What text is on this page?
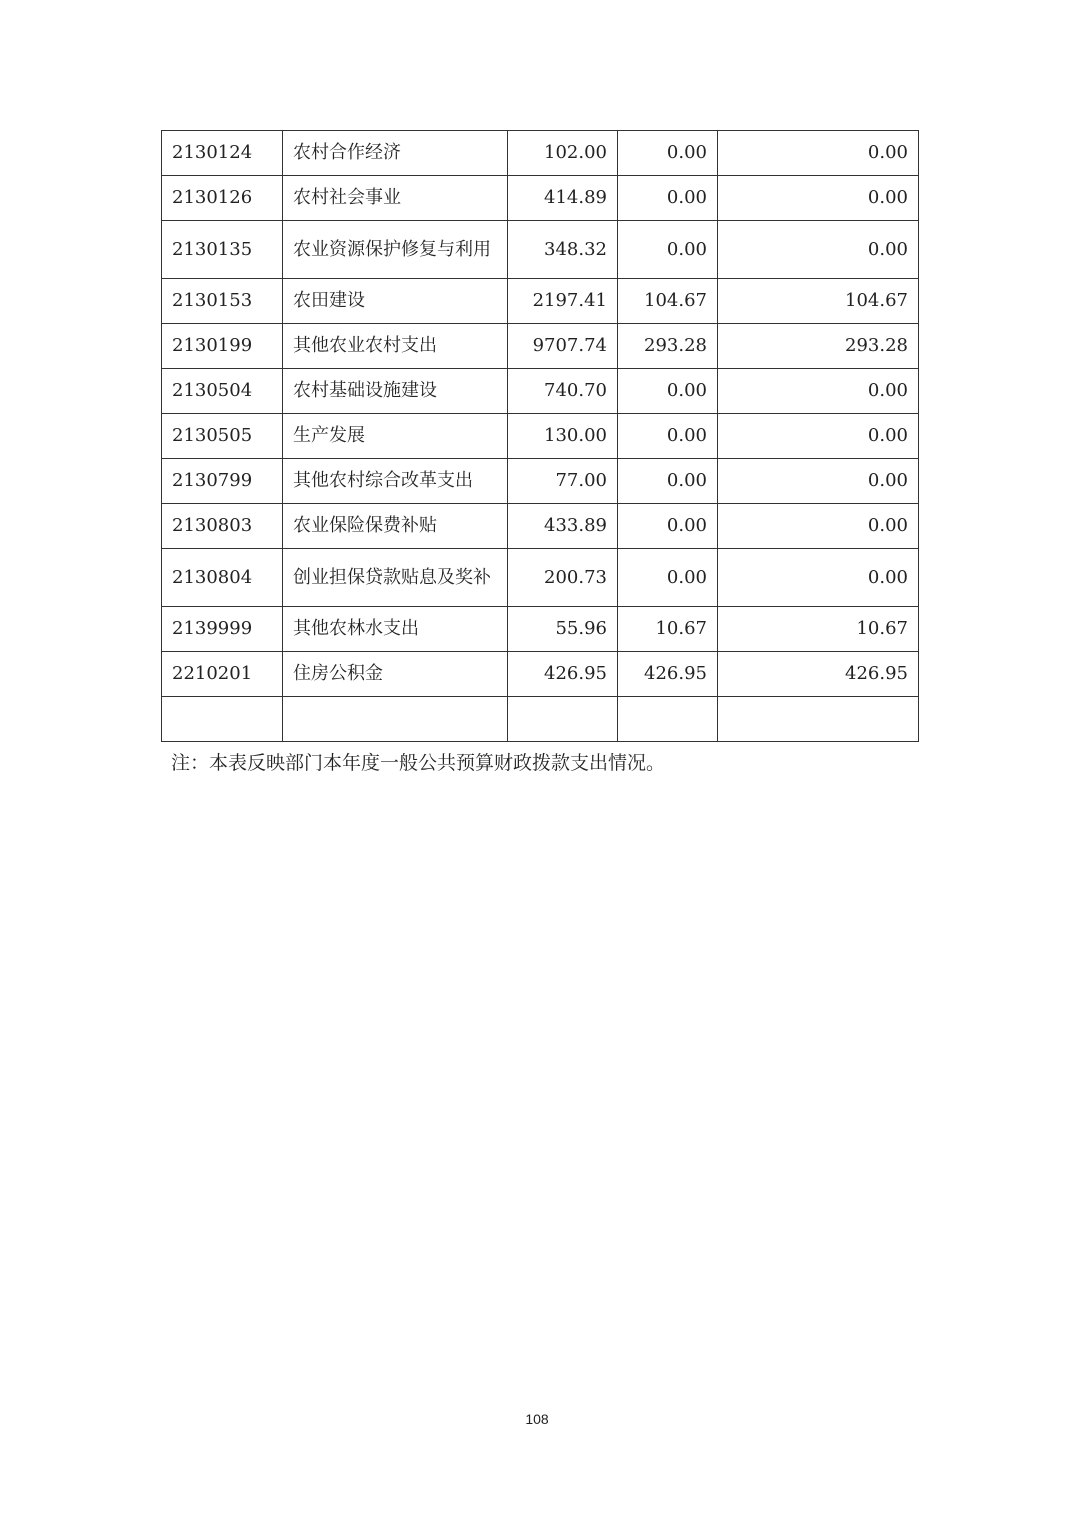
2130124	农村合作经济	102.00	0.00	0.00
2130126	农村社会事业	414.89	0.00	0.00
2130135	农业资源保护修复与利用	348.32	0.00	0.00
2130153	农田建设	2197.41	104.67	104.67
2130199	其他农业农村支出	9707.74	293.28	293.28
2130504	农村基础设施建设	740.70	0.00	0.00
2130505	生产发展	130.00	0.00	0.00
2130799	其他农村综合改革支出	77.00	0.00	0.00
2130803	农业保险保费补贴	433.89	0.00	0.00
2130804	创业担保贷款贴息及奖补	200.73	0.00	0.00
2139999	其他农林水支出	55.96	10.67	10.67
2210201	住房公积金	426.95	426.95	426.95

注：本表反映部门本年度一般公共预算财政拨款支出情况。
108
